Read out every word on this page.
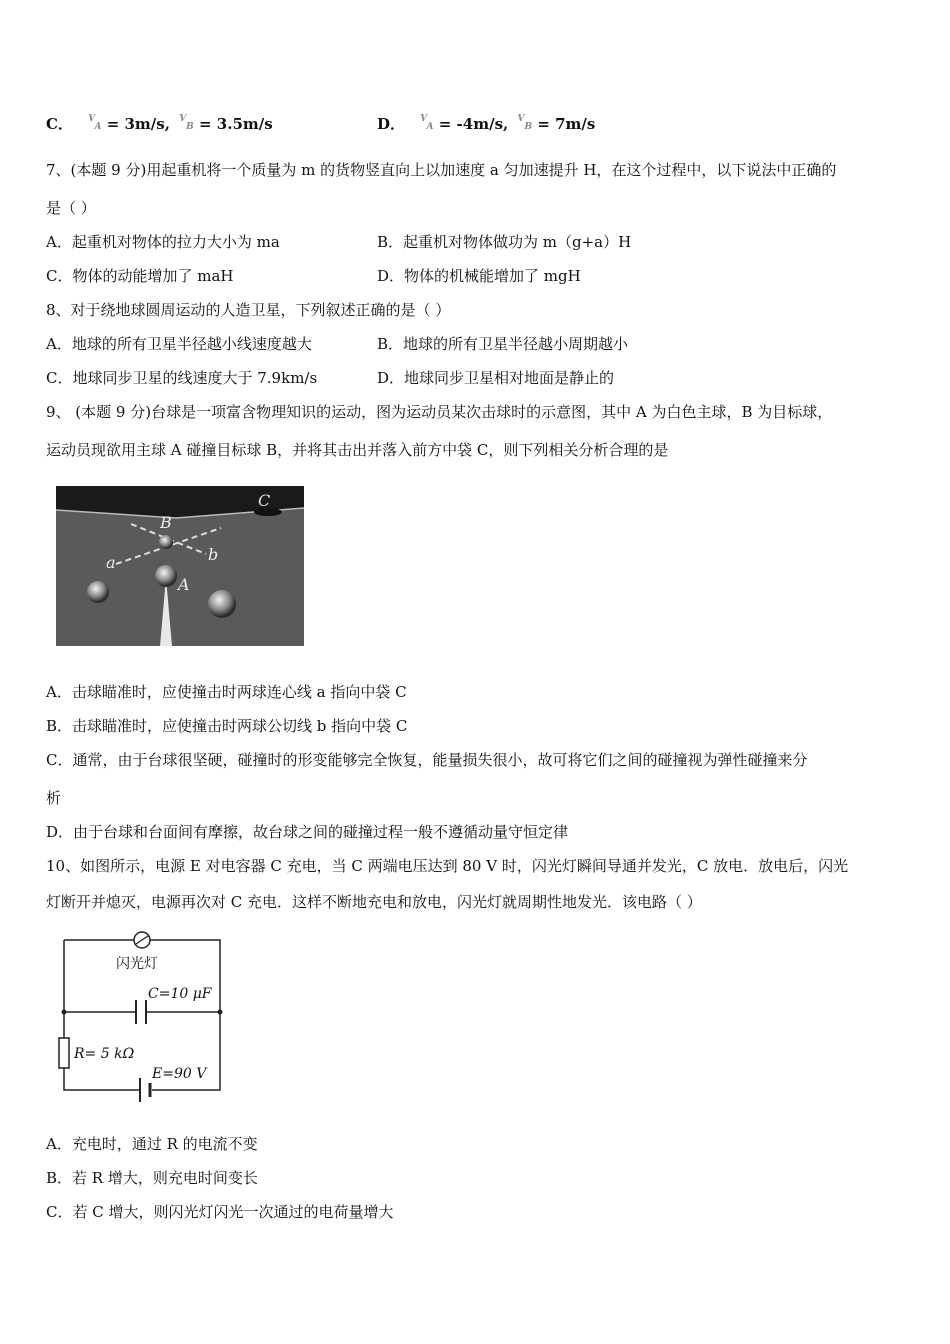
C． $^V$A = 3m/s, $^V$B = 3.5m/s	D． $^V$A = -4m/s, $^V$B = 7m/s
7、(本题 9 分)用起重机将一个质量为 m 的货物竖直向上以加速度 a 匀加速提升 H，在这个过程中，以下说法中正确的
是（ ）
A．起重机对物体的拉力大小为 ma	B．起重机对物体做功为 m（g+a）H
C．物体的动能增加了 maH	D．物体的机械能增加了 mgH
8、对于绕地球圆周运动的人造卫星，下列叙述正确的是（ ）
A．地球的所有卫星半径越小线速度越大	B．地球的所有卫星半径越小周期越小
C．地球同步卫星的线速度大于 7.9km/s	D．地球同步卫星相对地面是静止的
9、 (本题 9 分)台球是一项富含物理知识的运动，图为运动员某次击球时的示意图，其中 A 为白色主球，B 为目标球，
运动员现欲用主球 A 碰撞目标球 B，并将其击出并落入前方中袋 C，则下列相关分析合理的是
C
B
a	b
A
A．击球瞄准时，应使撞击时两球连心线 a 指向中袋 C
B．击球瞄准时，应使撞击时两球公切线 b 指向中袋 C
C．通常，由于台球很坚硬，碰撞时的形变能够完全恢复，能量损失很小，故可将它们之间的碰撞视为弹性碰撞来分
析
D．由于台球和台面间有摩擦，故台球之间的碰撞过程一般不遵循动量守恒定律
10、如图所示，电源 E 对电容器 C 充电，当 C 两端电压达到 80 V 时，闪光灯瞬间导通并发光，C 放电．放电后，闪光
灯断开并熄灭，电源再次对 C 充电．这样不断地充电和放电，闪光灯就周期性地发光．该电路（ ）
闪光灯
C=10 μF
R= 5 kΩ
E=90 V
A．充电时，通过 R 的电流不变
B．若 R 增大，则充电时间变长
C．若 C 增大，则闪光灯闪光一次通过的电荷量增大
